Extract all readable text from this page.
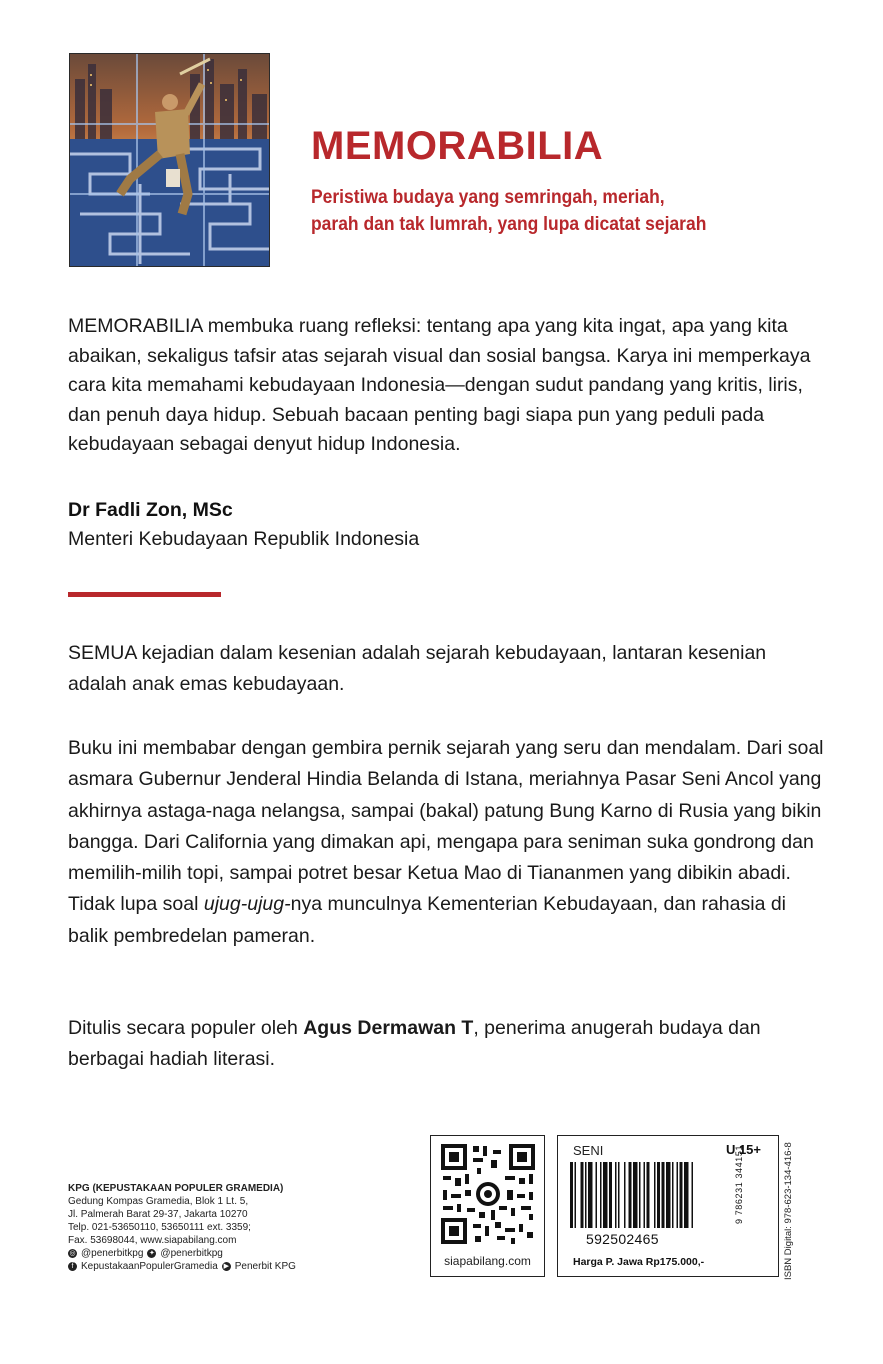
MEMORABILIA
Peristiwa budaya yang semringah, meriah,
parah dan tak lumrah, yang lupa dicatat sejarah

MEMORABILIA membuka ruang refleksi: tentang apa yang kita ingat, apa yang kita abaikan, sekaligus tafsir atas sejarah visual dan sosial bangsa. Karya ini memperkaya cara kita memahami kebudayaan Indonesia—dengan sudut pandang yang kritis, liris, dan penuh daya hidup. Sebuah bacaan penting bagi siapa pun yang peduli pada kebudayaan sebagai denyut hidup Indonesia.

Dr Fadli Zon, MSc
Menteri Kebudayaan Republik Indonesia

SEMUA kejadian dalam kesenian adalah sejarah kebudayaan, lantaran kesenian adalah anak emas kebudayaan.

Buku ini membabar dengan gembira pernik sejarah yang seru dan mendalam. Dari soal asmara Gubernur Jenderal Hindia Belanda di Istana, meriahnya Pasar Seni Ancol yang akhirnya astaga-naga nelangsa, sampai (bakal) patung Bung Karno di Rusia yang bikin bangga. Dari California yang dimakan api, mengapa para seniman suka gondrong dan memilih-milih topi, sampai potret besar Ketua Mao di Tiananmen yang dibikin abadi. Tidak lupa soal ujug-ujug-nya munculnya Kementerian Kebudayaan, dan rahasia di balik pembredelan pameran.

Ditulis secara populer oleh Agus Dermawan T, penerima anugerah budaya dan berbagai hadiah literasi.

KPG (KEPUSTAKAAN POPULER GRAMEDIA)
Gedung Kompas Gramedia, Blok 1 Lt. 5,
Jl. Palmerah Barat 29-37, Jakarta 10270
Telp. 021-53650110, 53650111 ext. 3359;
Fax. 53698044, www.siapabilang.com
◎ @penerbitkpg ✦ @penerbitkpg
f KepustakaanPopulerGramedia ▶ Penerbit KPG	siapabilang.com
SENI	U 15+
592502465
9 786231 344151
Harga P. Jawa Rp175.000,-	ISBN Digital: 978-623-134-416-8
